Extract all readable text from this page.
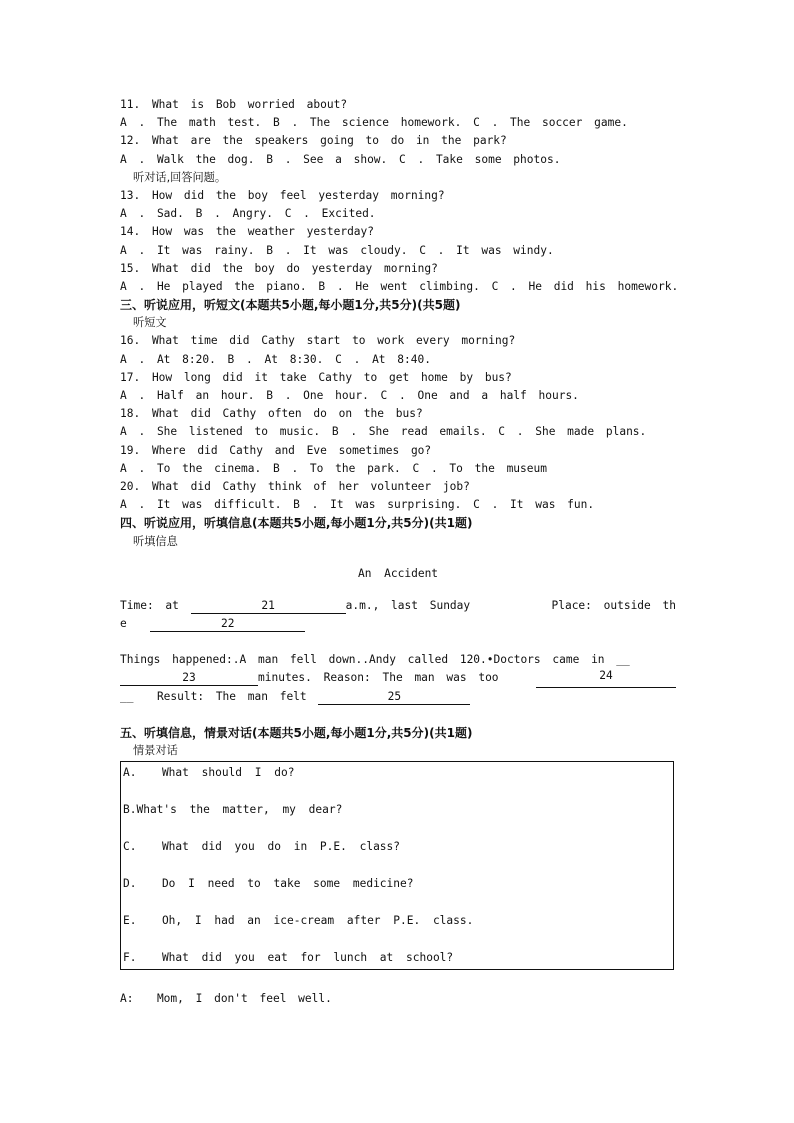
11. What is Bob worried about?
A . The math test. B . The science homework. C . The soccer game.
12. What are the speakers going to do in the park?
A . Walk the dog. B . See a show. C . Take some photos.
听对话,回答问题。
13. How did the boy feel yesterday morning?
A . Sad. B . Angry. C . Excited.
14. How was the weather yesterday?
A . It was rainy. B . It was cloudy. C . It was windy.
15. What did the boy do yesterday morning?
A . He played the piano. B . He went climbing. C . He did his homework.
三、听说应用，听短文(本题共5小题,每小题1分,共5分)(共5题)
听短文
16. What time did Cathy start to work every morning?
A . At 8:20. B . At 8:30. C . At 8:40.
17. How long did it take Cathy to get home by bus?
A . Half an hour. B . One hour. C . One and a half hours.
18. What did Cathy often do on the bus?
A . She listened to music. B . She read emails. C . She made plans.
19. Where did Cathy and Eve sometimes go?
A . To the cinema. B . To the park. C . To the museum
20. What did Cathy think of her volunteer job?
A . It was difficult. B . It was surprising. C . It was fun.
四、听说应用，听填信息(本题共5小题,每小题1分,共5分)(共1题)
听填信息
An Accident
Time: at	21	a.m., last Sunday	Place: outside th
e	22
Things happened:.A man fell down..Andy called 120.•Doctors came in __
23	minutes. Reason: The man was too	24
__  Result: The man felt	25
五、听填信息，情景对话(本题共5小题,每小题1分,共5分)(共1题)
情景对话
A.  What should I do?
B.What's the matter, my dear?
C.  What did you do in P.E. class?
D.  Do I need to take some medicine?
E.  Oh, I had an ice-cream after P.E. class.
F.  What did you eat for lunch at school?
A:  Mom, I don't feel well.
